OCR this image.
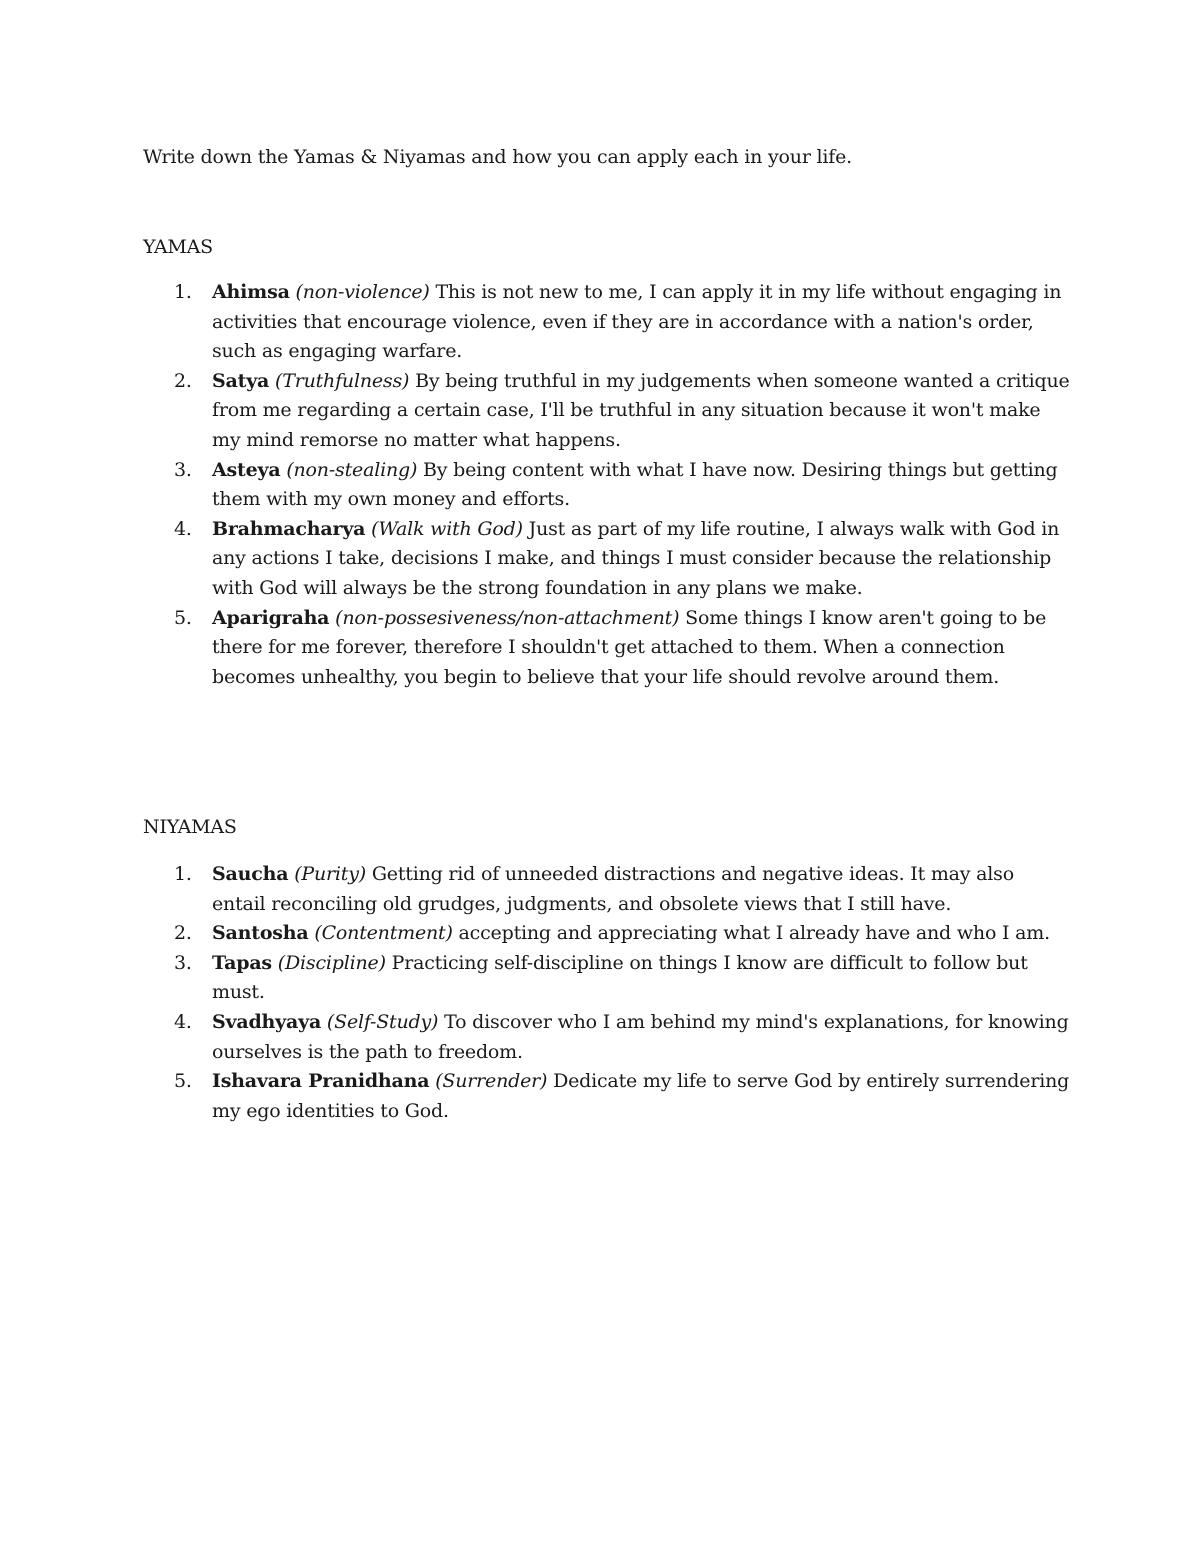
Write down the Yamas & Niyamas and how you can apply each in your life.

YAMAS
1.	Ahimsa (non-violence) This is not new to me, I can apply it in my life without engaging in activities that encourage violence, even if they are in accordance with a nation's order, such as engaging warfare.
2.	Satya (Truthfulness) By being truthful in my judgements when someone wanted a critique from me regarding a certain case, I'll be truthful in any situation because it won't make my mind remorse no matter what happens.
3.	Asteya (non-stealing) By being content with what I have now. Desiring things but getting them with my own money and efforts.
4.	Brahmacharya (Walk with God) Just as part of my life routine, I always walk with God in any actions I take, decisions I make, and things I must consider because the relationship with God will always be the strong foundation in any plans we make.
5.	Aparigraha (non-possesiveness/non-attachment) Some things I know aren't going to be there for me forever, therefore I shouldn't get attached to them. When a connection becomes unhealthy, you begin to believe that your life should revolve around them.
NIYAMAS
1.	Saucha (Purity) Getting rid of unneeded distractions and negative ideas. It may also entail reconciling old grudges, judgments, and obsolete views that I still have.
2.	Santosha (Contentment) accepting and appreciating what I already have and who I am.
3.	Tapas (Discipline) Practicing self-discipline on things I know are difficult to follow but must.
4.	Svadhyaya (Self-Study) To discover who I am behind my mind's explanations, for knowing ourselves is the path to freedom.
5.	Ishavara Pranidhana (Surrender) Dedicate my life to serve God by entirely surrendering my ego identities to God.
